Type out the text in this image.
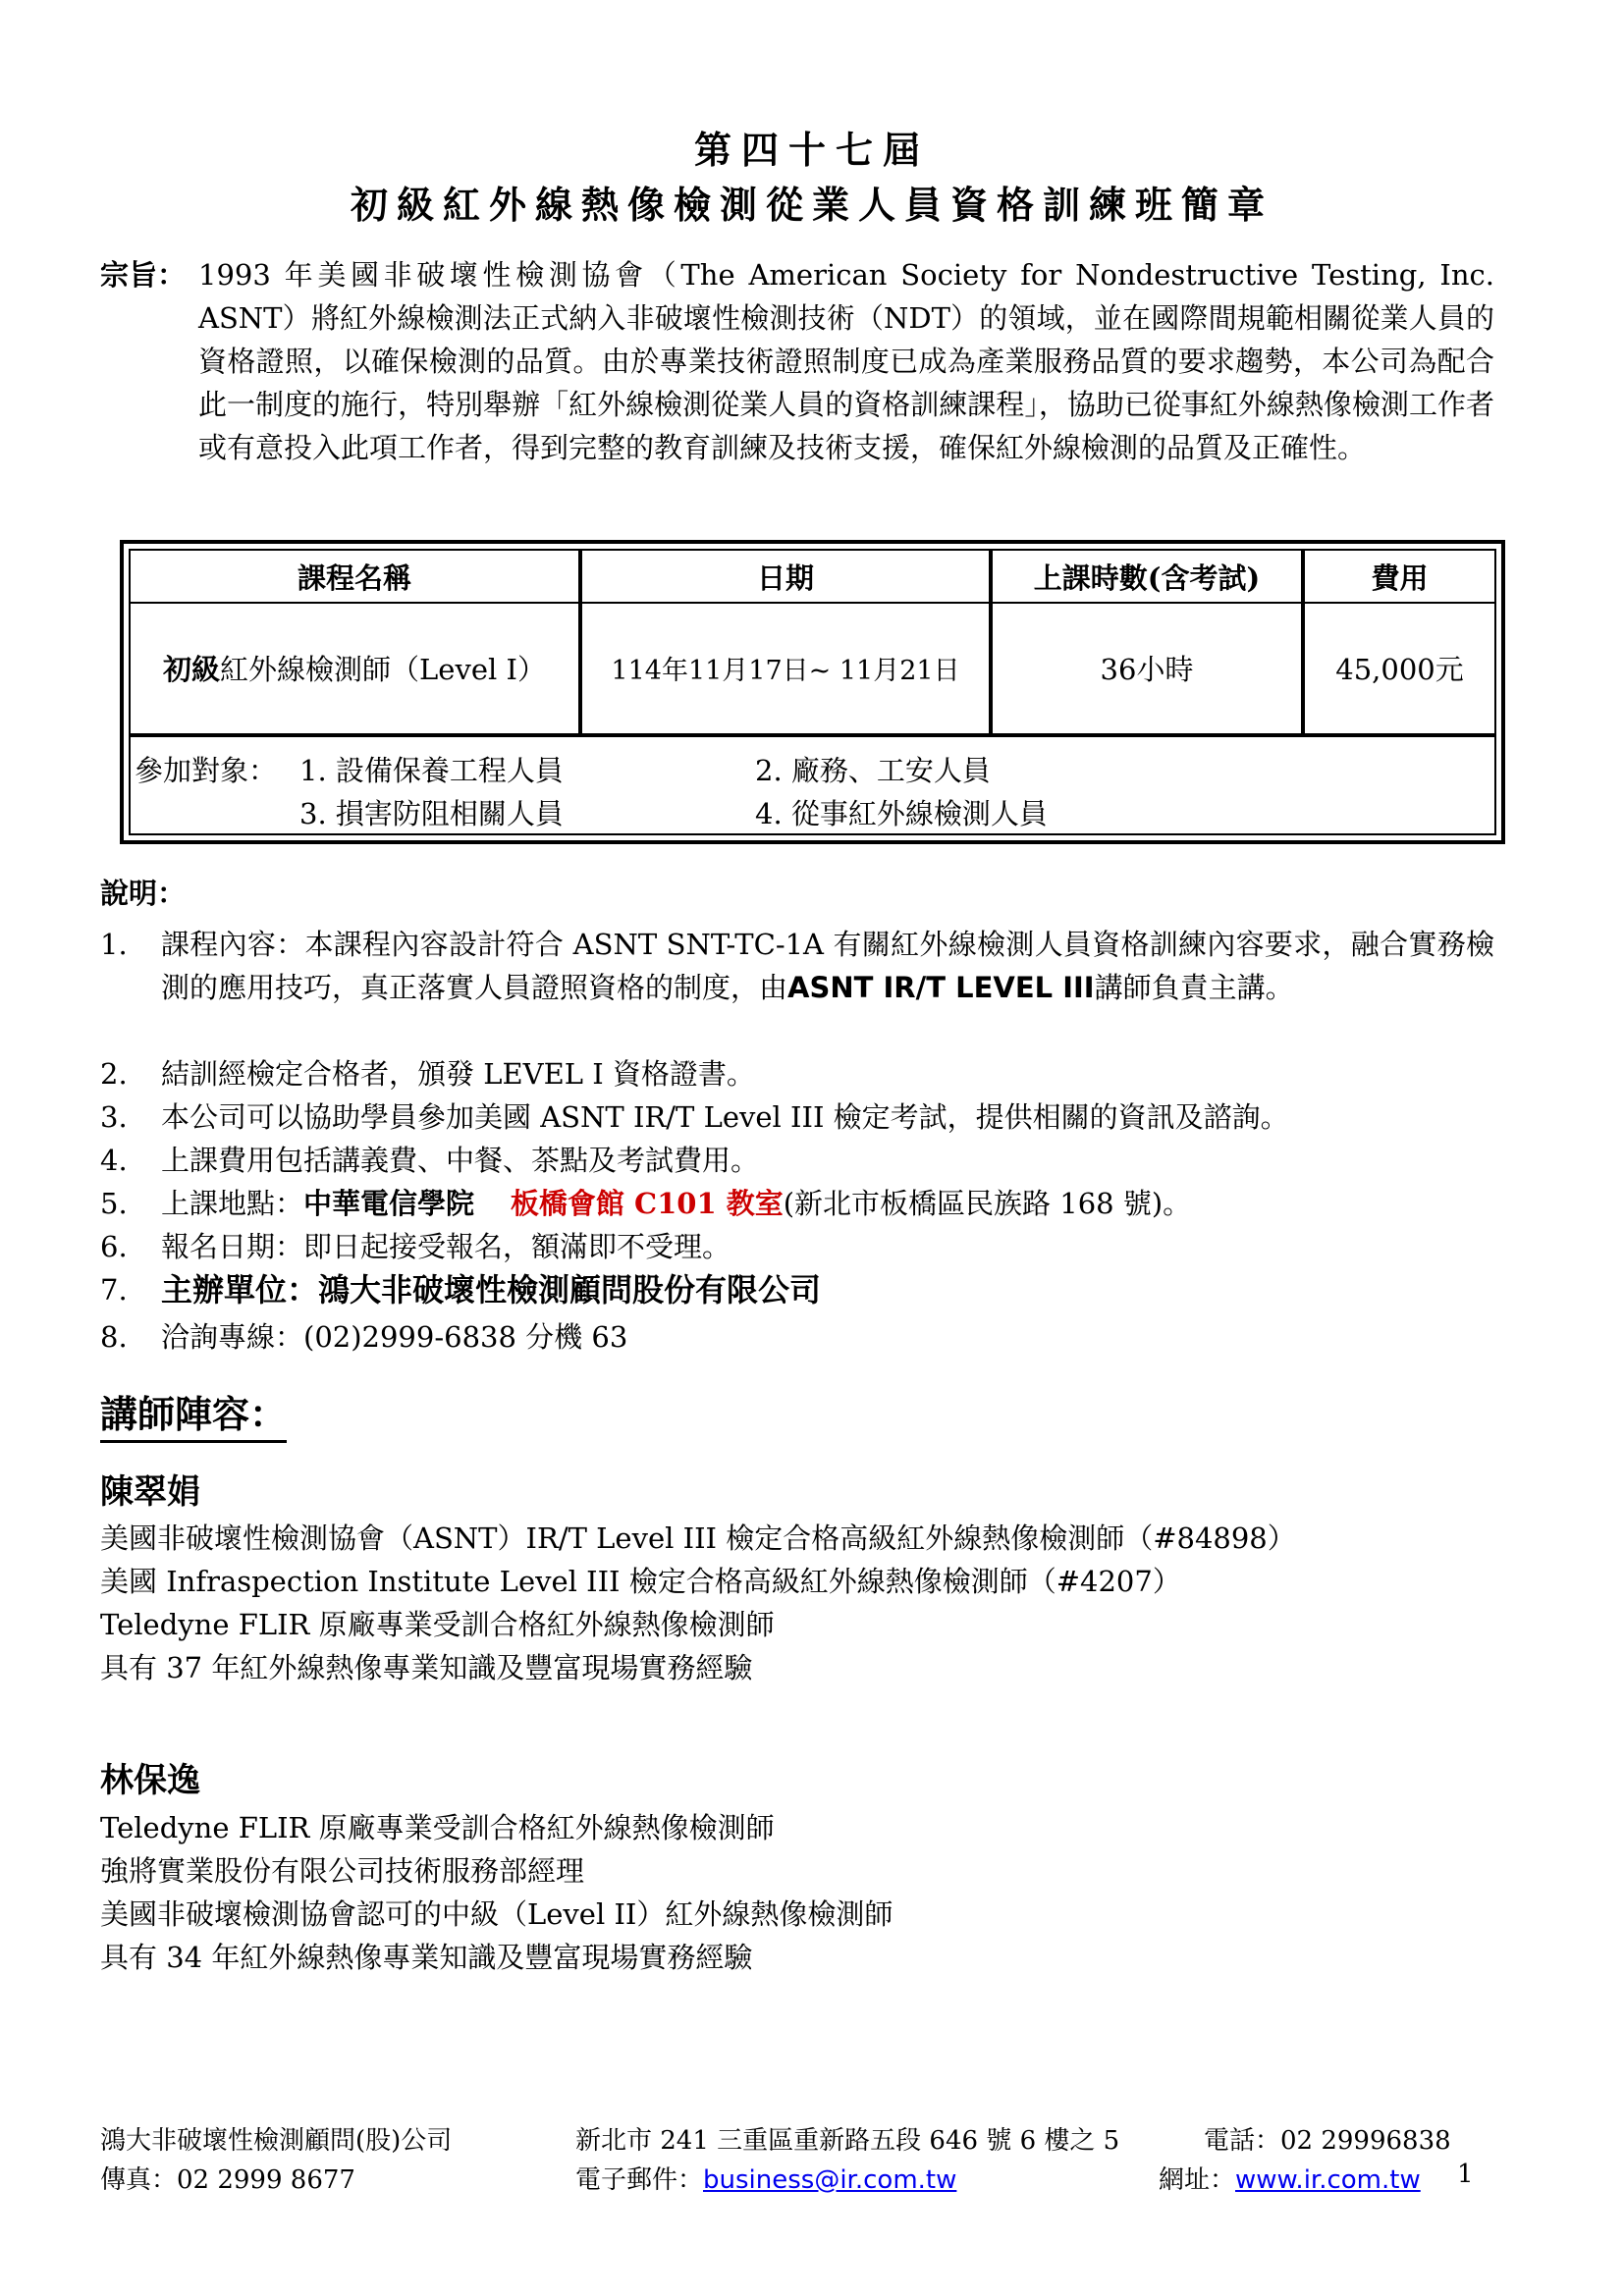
第四十七屆
初級紅外線熱像檢測從業人員資格訓練班簡章
宗旨： 1993 年美國非破壞性檢測協會（The American Society for Nondestructive Testing, Inc. ASNT）將紅外線檢測法正式納入非破壞性檢測技術（NDT）的領域，並在國際間規範相關從業人員的資格證照，以確保檢測的品質。由於專業技術證照制度已成為產業服務品質的要求趨勢，本公司為配合此一制度的施行，特別舉辦「紅外線檢測從業人員的資格訓練課程」，協助已從事紅外線熱像檢測工作者或有意投入此項工作者，得到完整的教育訓練及技術支援，確保紅外線檢測的品質及正確性。
課程名稱	日期	上課時數(含考試)	費用
初級 紅外線檢測師（Level I）	114年11月17日~ 11月21日	36小時	45,000元
參加對象： 1. 設備保養工程人員	2. 廠務、工安人員
3. 損害防阻相關人員	4. 從事紅外線檢測人員
說明：
1. 課程內容：本課程內容設計符合 ASNT SNT-TC-1A 有關紅外線檢測人員資格訓練內容要求，融合實務檢測的應用技巧，真正落實人員證照資格的制度，由ASNT IR/T LEVEL III講師負責主講。
2. 結訓經檢定合格者，頒發 LEVEL I 資格證書。
3. 本公司可以協助學員參加美國 ASNT IR/T Level III 檢定考試，提供相關的資訊及諮詢。
4. 上課費用包括講義費、中餐、茶點及考試費用。
5. 上課地點：中華電信學院 板橋會館 C101 教室(新北市板橋區民族路 168 號)。
6. 報名日期：即日起接受報名，額滿即不受理。
7. 主辦單位：鴻大非破壞性檢測顧問股份有限公司
8. 洽詢專線：(02)2999-6838 分機 63
講師陣容：
陳翠娟
美國非破壞性檢測協會（ASNT）IR/T Level III 檢定合格高級紅外線熱像檢測師（#84898）
美國 Infraspection Institute Level III 檢定合格高級紅外線熱像檢測師（#4207）
Teledyne FLIR 原廠專業受訓合格紅外線熱像檢測師
具有 37 年紅外線熱像專業知識及豐富現場實務經驗
林保逸
Teledyne FLIR 原廠專業受訓合格紅外線熱像檢測師
強將實業股份有限公司技術服務部經理
美國非破壞檢測協會認可的中級（Level II）紅外線熱像檢測師
具有 34 年紅外線熱像專業知識及豐富現場實務經驗
鴻大非破壞性檢測顧問(股)公司	新北市 241 三重區重新路五段 646 號 6 樓之 5	電話：02 29996838
傳真：02 2999 8677	電子郵件：business@ir.com.tw	網址：www.ir.com.tw 1
